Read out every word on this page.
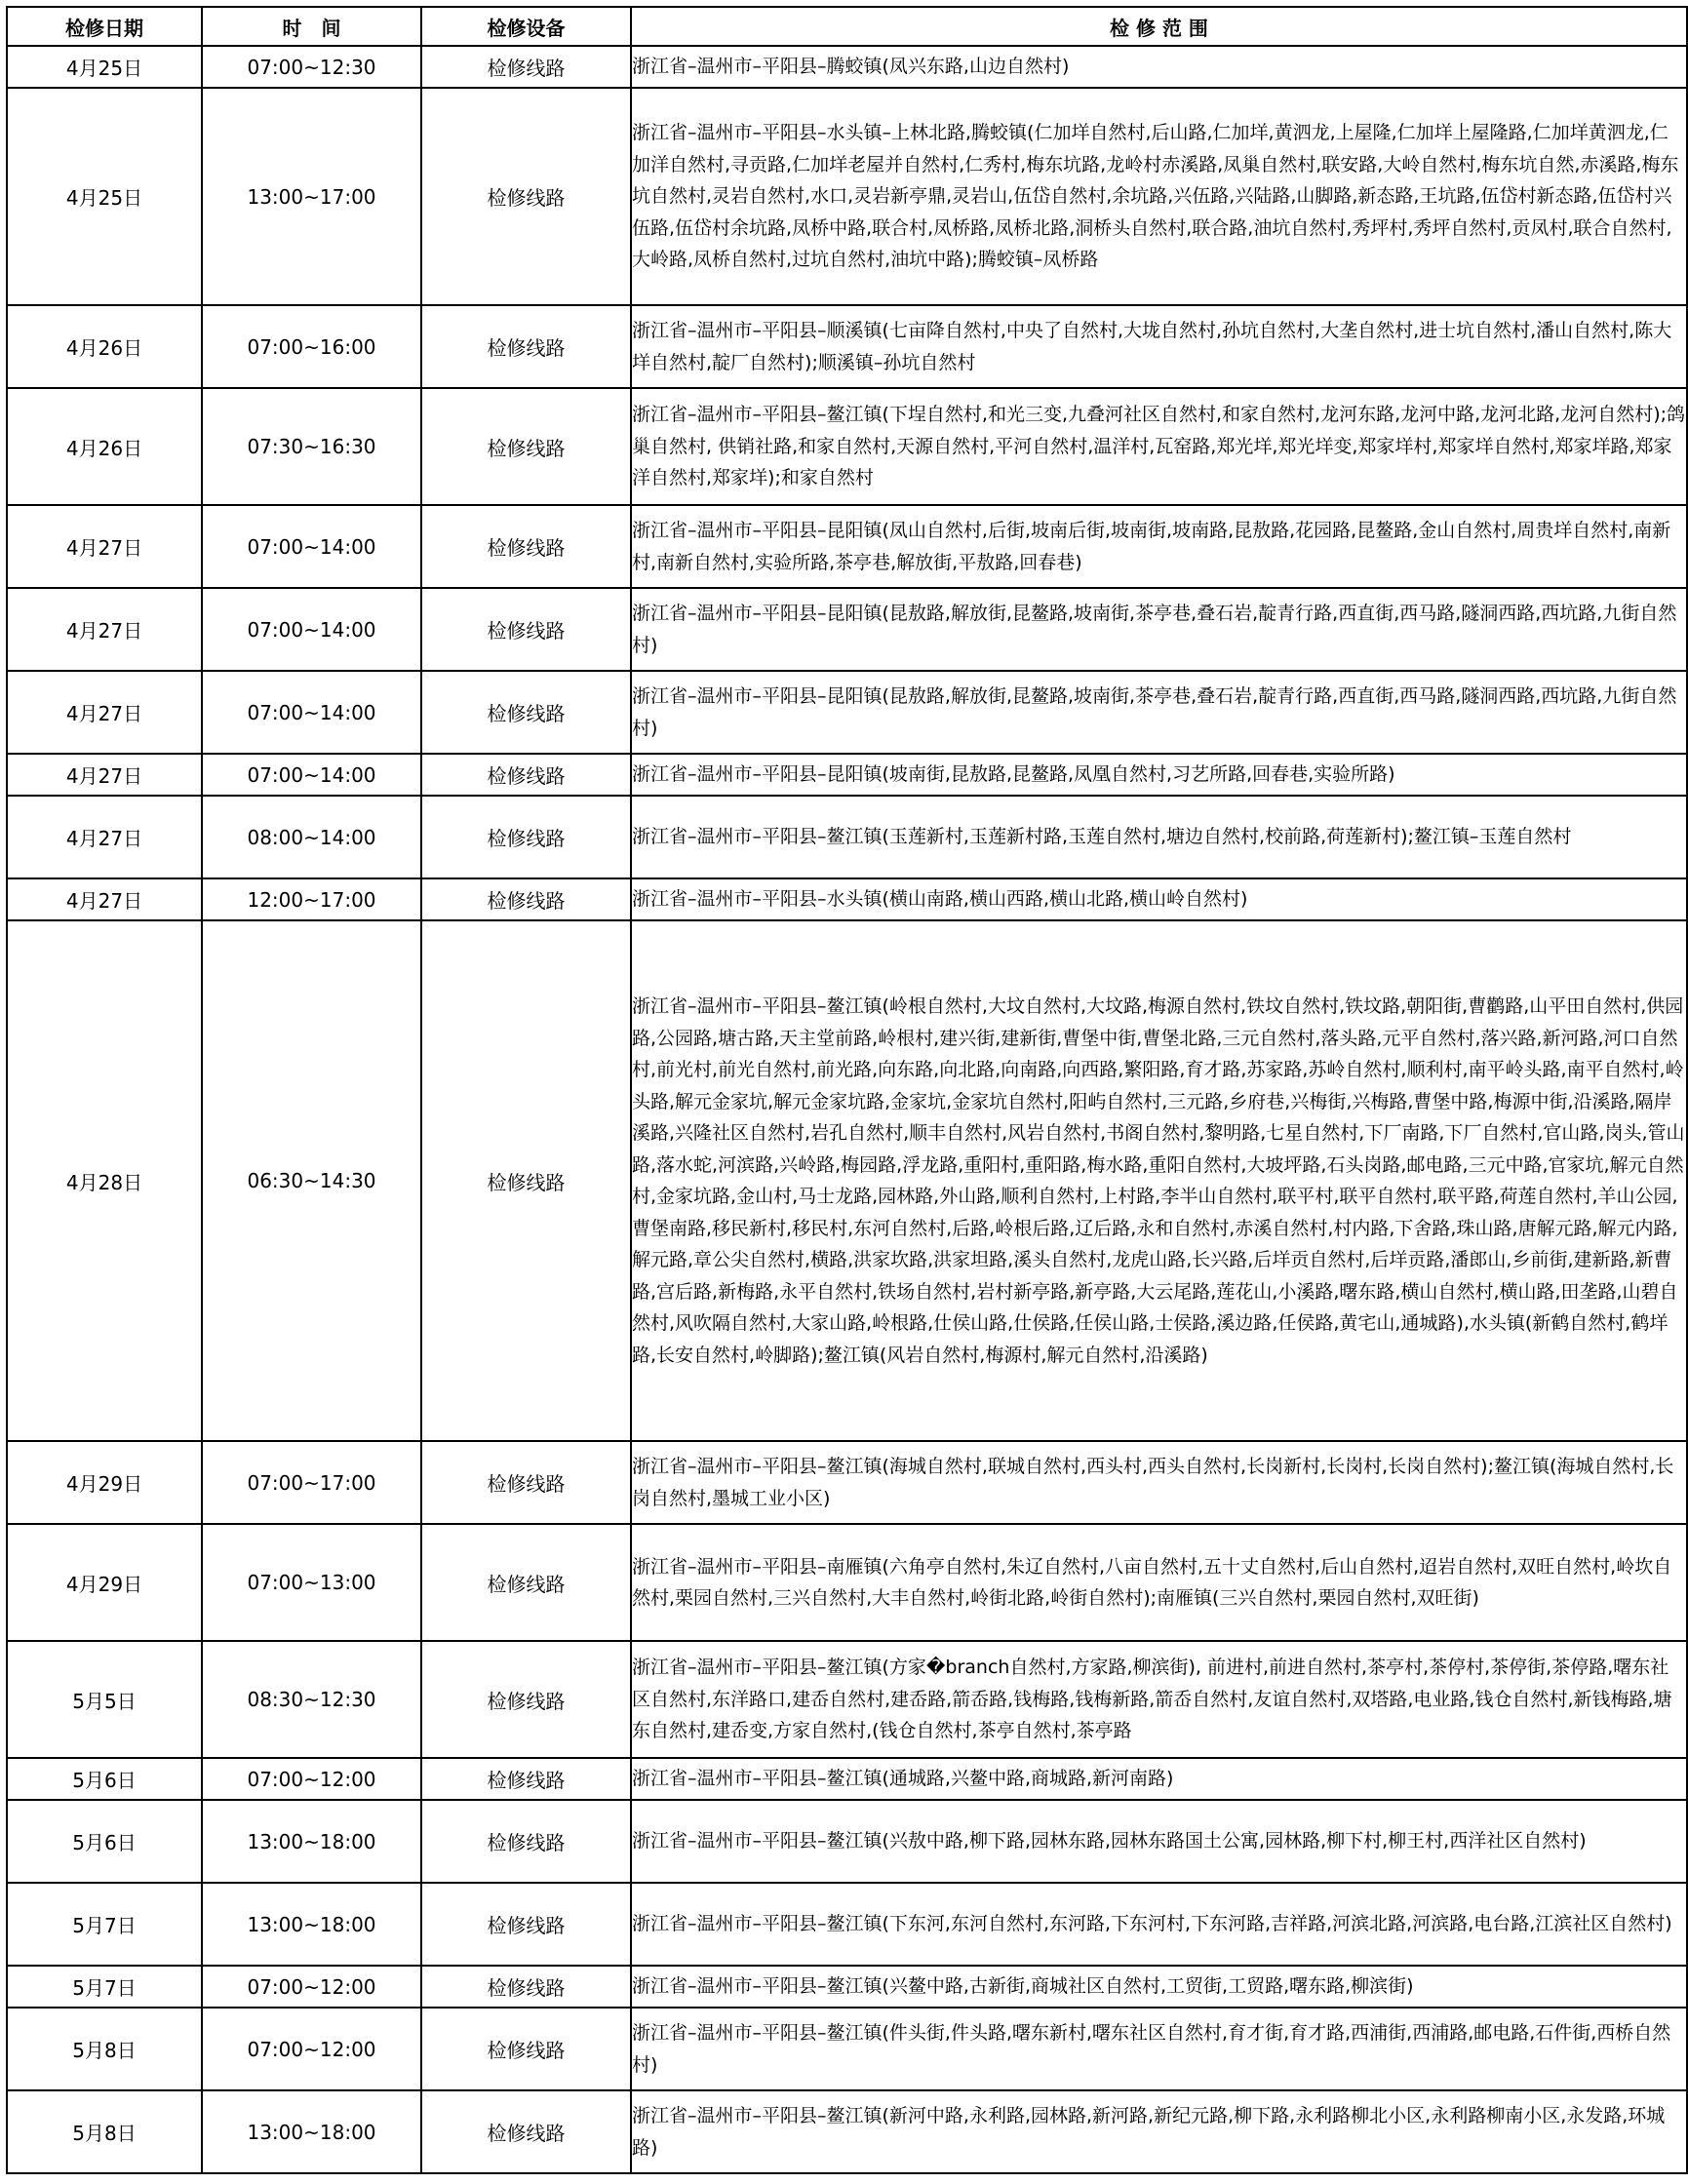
检修日期	时　间	检修设备	检 修 范 围
4月25日	07:00~12:30	检修线路	浙江省–温州市–平阳县–腾蛟镇(凤兴东路,山边自然村)
4月25日	13:00~17:00	检修线路	浙江省–温州市–平阳县–水头镇–上林北路,腾蛟镇(仁加垟自然村,后山路,仁加垟,黄泗龙,上屋隆,仁加垟上屋隆路,仁加垟黄泗龙,仁加洋自然村,寻贡路,仁加垟老屋并自然村,仁秀村,梅东坑路,龙岭村赤溪路,凤巢自然村,联安路,大岭自然村,梅东坑自然,赤溪路,梅东坑自然村,灵岩自然村,水口,灵岩新亭鼎,灵岩山,伍岱自然村,余坑路,兴伍路,兴陆路,山脚路,新态路,王坑路,伍岱村新态路,伍岱村兴伍路,伍岱村余坑路,凤桥中路,联合村,凤桥路,凤桥北路,洞桥头自然村,联合路,油坑自然村,秀坪村,秀坪自然村,贡凤村,联合自然村,大岭路,凤桥自然村,过坑自然村,油坑中路);腾蛟镇–凤桥路
4月26日	07:00~16:00	检修线路	浙江省–温州市–平阳县–顺溪镇(七亩降自然村,中央了自然村,大垅自然村,孙坑自然村,大垄自然村,进士坑自然村,潘山自然村,陈大垟自然村,靛厂自然村);顺溪镇–孙坑自然村
4月26日	07:30~16:30	检修线路	浙江省–温州市–平阳县–鳌江镇(下埕自然村,和光三变,九叠河社区自然村,和家自然村,龙河东路,龙河中路,龙河北路,龙河自然村);鸽巢自然村, 供销社路,和家自然村,天源自然村,平河自然村,温洋村,瓦窑路,郑光垟,郑光垟变,郑家垟村,郑家垟自然村,郑家垟路,郑家洋自然村,郑家垟);和家自然村
4月27日	07:00~14:00	检修线路	浙江省–温州市–平阳县–昆阳镇(凤山自然村,后街,坡南后街,坡南街,坡南路,昆敖路,花园路,昆鳌路,金山自然村,周贵垟自然村,南新村,南新自然村,实验所路,茶亭巷,解放街,平敖路,回春巷)
4月27日	07:00~14:00	检修线路	浙江省–温州市–平阳县–昆阳镇(昆敖路,解放街,昆鳌路,坡南街,茶亭巷,叠石岩,靛青行路,西直街,西马路,隧洞西路,西坑路,九街自然村)
4月27日	07:00~14:00	检修线路	浙江省–温州市–平阳县–昆阳镇(昆敖路,解放街,昆鳌路,坡南街,茶亭巷,叠石岩,靛青行路,西直街,西马路,隧洞西路,西坑路,九街自然村)
4月27日	07:00~14:00	检修线路	浙江省–温州市–平阳县–昆阳镇(坡南街,昆敖路,昆鳌路,凤凰自然村,习艺所路,回春巷,实验所路)
4月27日	08:00~14:00	检修线路	浙江省–温州市–平阳县–鳌江镇(玉莲新村,玉莲新村路,玉莲自然村,塘边自然村,校前路,荷莲新村);鳌江镇–玉莲自然村
4月27日	12:00~17:00	检修线路	浙江省–温州市–平阳县–水头镇(横山南路,横山西路,横山北路,横山岭自然村)
4月28日	06:30~14:30	检修线路	浙江省–温州市–平阳县–鳌江镇(岭根自然村,大坟自然村,大坟路,梅源自然村,铁坟自然村,铁坟路,朝阳街,曹鹳路,山平田自然村,供园路,公园路,塘古路,天主堂前路,岭根村,建兴街,建新街,曹堡中街,曹堡北路,三元自然村,落头路,元平自然村,落兴路,新河路,河口自然村,前光村,前光自然村,前光路,向东路,向北路,向南路,向西路,繁阳路,育才路,苏家路,苏岭自然村,顺利村,南平岭头路,南平自然村,岭头路,解元金家坑,解元金家坑路,金家坑,金家坑自然村,阳屿自然村,三元路,乡府巷,兴梅街,兴梅路,曹堡中路,梅源中街,沿溪路,隔岸溪路,兴隆社区自然村,岩孔自然村,顺丰自然村,风岩自然村,书阁自然村,黎明路,七星自然村,下厂南路,下厂自然村,官山路,岗头,管山路,落水蛇,河滨路,兴岭路,梅园路,浮龙路,重阳村,重阳路,梅水路,重阳自然村,大坡坪路,石头岗路,邮电路,三元中路,官家坑,解元自然村,金家坑路,金山村,马士龙路,园林路,外山路,顺利自然村,上村路,李半山自然村,联平村,联平自然村,联平路,荷莲自然村,羊山公园,曹堡南路,移民新村,移民村,东河自然村,后路,岭根后路,辽后路,永和自然村,赤溪自然村,村内路,下舍路,珠山路,唐解元路,解元内路,解元路,章公尖自然村,横路,洪家坎路,洪家坦路,溪头自然村,龙虎山路,长兴路,后垟贡自然村,后垟贡路,潘郎山,乡前街,建新路,新曹路,宫后路,新梅路,永平自然村,铁场自然村,岩村新亭路,新亭路,大云尾路,莲花山,小溪路,曙东路,横山自然村,横山路,田垄路,山碧自然村,风吹隔自然村,大家山路,岭根路,仕侯山路,仕侯路,任侯山路,士侯路,溪边路,任侯路,黄宅山,通城路),水头镇(新鹤自然村,鹤垟路,长安自然村,岭脚路);鳌江镇(风岩自然村,梅源村,解元自然村,沿溪路)
4月29日	07:00~17:00	检修线路	浙江省–温州市–平阳县–鳌江镇(海城自然村,联城自然村,西头村,西头自然村,长岗新村,长岗村,长岗自然村);鳌江镇(海城自然村,长岗自然村,墨城工业小区)
4月29日	07:00~13:00	检修线路	浙江省–温州市–平阳县–南雁镇(六角亭自然村,朱辽自然村,八亩自然村,五十丈自然村,后山自然村,迢岩自然村,双旺自然村,岭坎自然村,栗园自然村,三兴自然村,大丰自然村,岭街北路,岭街自然村);南雁镇(三兴自然村,栗园自然村,双旺街)
5月5日	08:30~12:30	检修线路	浙江省–温州市–平阳县–鳌江镇(方家�branch自然村,方家路,柳滨街), 前进村,前进自然村,茶亭村,茶停村,茶停街,茶停路,曙东社区自然村,东洋路口,建岙自然村,建岙路,箭岙路,钱梅路,钱梅新路,箭岙自然村,友谊自然村,双塔路,电业路,钱仓自然村,新钱梅路,塘东自然村,建岙变,方家自然村,(钱仓自然村,茶亭自然村,茶亭路
5月6日	07:00~12:00	检修线路	浙江省–温州市–平阳县–鳌江镇(通城路,兴鳌中路,商城路,新河南路)
5月6日	13:00~18:00	检修线路	浙江省–温州市–平阳县–鳌江镇(兴敖中路,柳下路,园林东路,园林东路国土公寓,园林路,柳下村,柳王村,西洋社区自然村)
5月7日	13:00~18:00	检修线路	浙江省–温州市–平阳县–鳌江镇(下东河,东河自然村,东河路,下东河村,下东河路,吉祥路,河滨北路,河滨路,电台路,江滨社区自然村)
5月7日	07:00~12:00	检修线路	浙江省–温州市–平阳县–鳌江镇(兴鳌中路,古新街,商城社区自然村,工贸街,工贸路,曙东路,柳滨街)
5月8日	07:00~12:00	检修线路	浙江省–温州市–平阳县–鳌江镇(件头街,件头路,曙东新村,曙东社区自然村,育才街,育才路,西浦街,西浦路,邮电路,石件街,西桥自然村)
5月8日	13:00~18:00	检修线路	浙江省–温州市–平阳县–鳌江镇(新河中路,永利路,园林路,新河路,新纪元路,柳下路,永利路柳北小区,永利路柳南小区,永发路,环城路)
